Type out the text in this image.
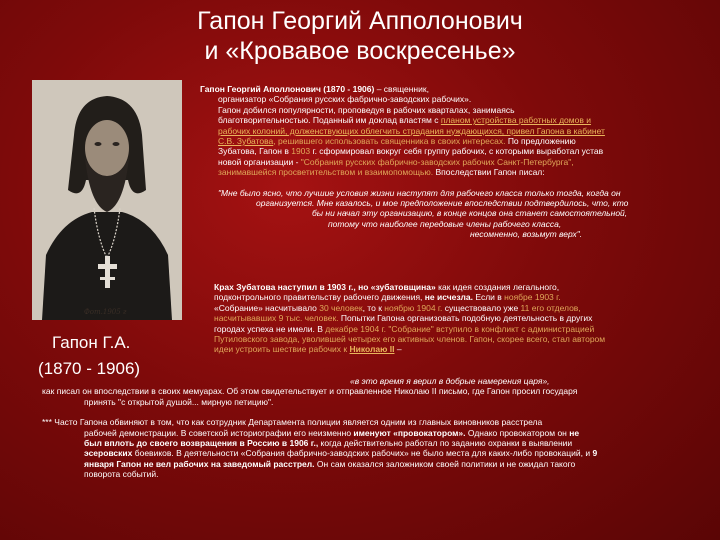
Гапон Георгий Апполонович
и «Кровавое воскресенье»
Фот.1905 г
Гапон Г.А.
(1870 - 1906)

Гапон Георгий Аполлонович (1870 - 1906) – священник,

организатор «Собрания русских фабрично-заводских рабочих».

Гапон добился популярности, проповедуя в рабочих кварталах, занимаясь

благотворительностью. Поданный им доклад властям с планом устройства работных домов и

рабочих колоний, долженствующих облегчить страдания нуждающихся, привел Гапона в кабинет

С.В. Зубатова, решившего использовать священника в своих интересах. По предложению

Зубатова, Гапон в 1903 г. сформировал вокруг себя группу рабочих, с которыми выработал устав

новой организации - "Собрания русских фабрично-заводских рабочих Санкт-Петербурга",

занимавшейся просветительством и взаимопомощью. Впоследствии Гапон писал:

"Мне было ясно, что лучшие условия жизни наступят для рабочего класса только тогда, когда он
организуется. Мне казалось, и мое предположение впоследствии подтвердилось, что, кто
бы ни начал эту организацию, в конце концов она станет самостоятельной,
потому что наиболее передовые члены рабочего класса,
несомненно, возьмут верх".

Крах Зубатова наступил в 1903 г., но «зубатовщина» как идея создания легального,

подконтрольного правительству рабочего движения, не исчезла. Если в ноябре 1903 г.

«Собрание» насчитывало 30 человек, то к ноябрю 1904 г. существовало уже 11 его отделов,

насчитывавших 9 тыс. человек. Попытки Гапона организовать подобную деятельность в других

городах успеха не имели. В декабре 1904 г. "Собрание" вступило в конфликт с администрацией

Путиловского завода, уволившей четырех его активных членов. Гапон, скорее всего, стал автором

идеи устроить шествие рабочих к Николаю II –

«в это время я верил в добрые намерения царя»,

как писал он впоследствии в своих мемуарах. Об этом свидетельствует и отправленное Николаю II письмо, где Гапон просил государя

принять "с открытой душой... мирную петицию".

*** Часто Гапона обвиняют в том, что как сотрудник Департамента полиции является одним из главных виновников расстрела

рабочей демонстрации. В советской историографии его неизменно именуют «провокатором». Однако провокатором он не

был вплоть до своего возвращения в Россию в 1906 г., когда действительно работал по заданию охранки в выявлении

эсеровских боевиков. В деятельности «Собрания фабрично-заводских рабочих» не было места для каких-либо провокаций, и 9

января Гапон не вел рабочих на заведомый расстрел. Он сам оказался заложником своей политики и не ожидал такого

поворота событий.
